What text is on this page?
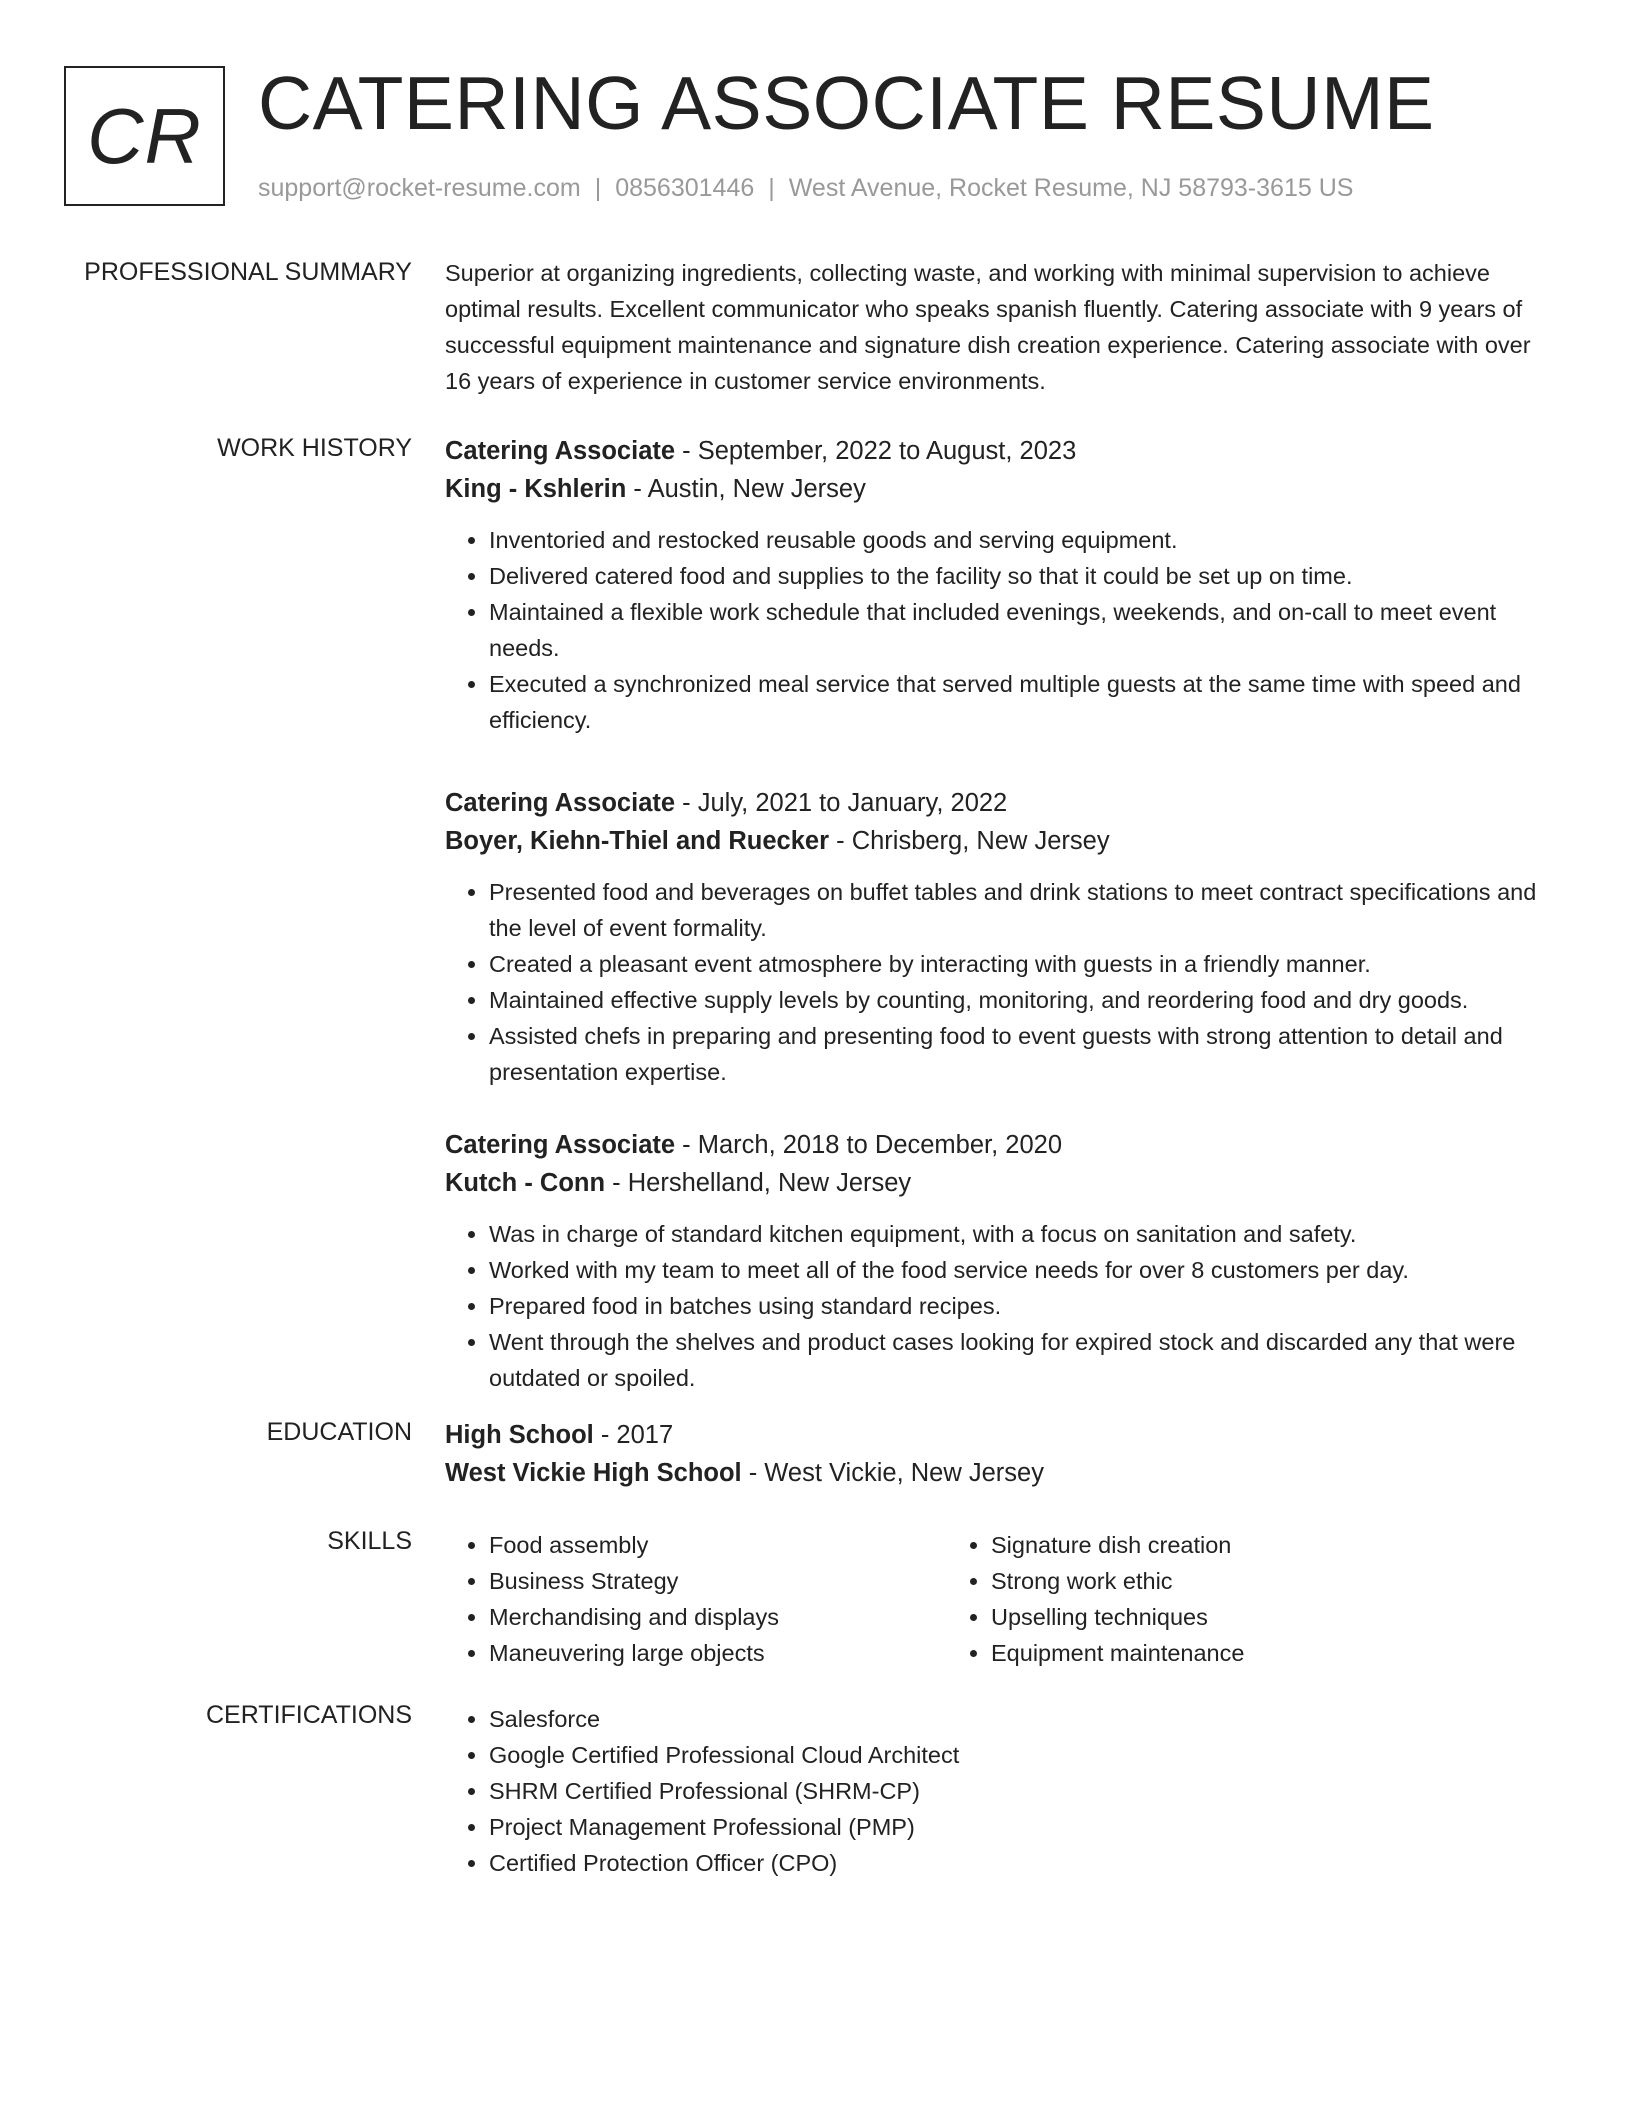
CR CATERING ASSOCIATE RESUME
support@rocket-resume.com | 0856301446 | West Avenue, Rocket Resume, NJ 58793-3615 US
PROFESSIONAL SUMMARY Superior at organizing ingredients, collecting waste, and working with minimal supervision to achieve optimal results. Excellent communicator who speaks spanish fluently. Catering associate with 9 years of successful equipment maintenance and signature dish creation experience. Catering associate with over 16 years of experience in customer service environments.

WORK HISTORY Catering Associate - September, 2022 to August, 2023
King - Kshlerin - Austin, New Jersey
• Inventoried and restocked reusable goods and serving equipment.
• Delivered catered food and supplies to the facility so that it could be set up on time.
• Maintained a flexible work schedule that included evenings, weekends, and on-call to meet event needs.
• Executed a synchronized meal service that served multiple guests at the same time with speed and efficiency.
Catering Associate - July, 2021 to January, 2022
Boyer, Kiehn-Thiel and Ruecker - Chrisberg, New Jersey
• Presented food and beverages on buffet tables and drink stations to meet contract specifications and the level of event formality.
• Created a pleasant event atmosphere by interacting with guests in a friendly manner.
• Maintained effective supply levels by counting, monitoring, and reordering food and dry goods.
• Assisted chefs in preparing and presenting food to event guests with strong attention to detail and presentation expertise.
Catering Associate - March, 2018 to December, 2020
Kutch - Conn - Hershelland, New Jersey
• Was in charge of standard kitchen equipment, with a focus on sanitation and safety.
• Worked with my team to meet all of the food service needs for over 8 customers per day.
• Prepared food in batches using standard recipes.
• Went through the shelves and product cases looking for expired stock and discarded any that were outdated or spoiled.
EDUCATION High School - 2017
West Vickie High School - West Vickie, New Jersey
SKILLS	• Food assembly
• Business Strategy
• Merchandising and displays
• Maneuvering large objects
• Signature dish creation
• Strong work ethic
• Upselling techniques
• Equipment maintenance
CERTIFICATIONS	• Salesforce
• Google Certified Professional Cloud Architect
• SHRM Certified Professional (SHRM-CP)
• Project Management Professional (PMP)
• Certified Protection Officer (CPO)
